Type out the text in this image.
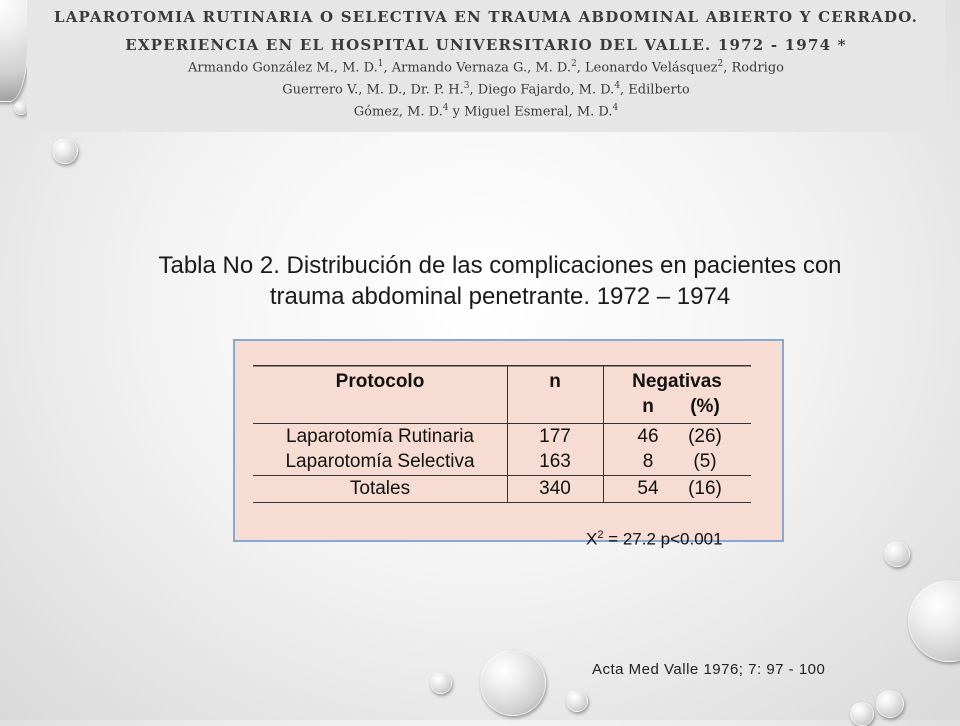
LAPAROTOMIA RUTINARIA O SELECTIVA EN TRAUMA ABDOMINAL ABIERTO Y CERRADO.
EXPERIENCIA EN EL HOSPITAL UNIVERSITARIO DEL VALLE. 1972 - 1974 *
Armando González M., M. D.$^1$, Armando Vernaza G., M. D.$^2$, Leonardo Velásquez$^2$, Rodrigo
Guerrero V., M. D., Dr. P. H.$^3$, Diego Fajardo, M. D.$^4$, Edilberto
Gómez, M. D.$^4$ y Miguel Esmeral, M. D.$^4$
Tabla No 2. Distribución de las complicaciones en pacientes con
trauma abdominal penetrante. 1972 – 1974
Protocolo	n	Negativas
n	(%)
Laparotomía Rutinaria	177	46	(26)
Laparotomía Selectiva	163	8	(5)
Totales	340	54	(16)
$X^2 = 27.2$ p<0.001
Acta Med Valle 1976; 7: 97 - 100
